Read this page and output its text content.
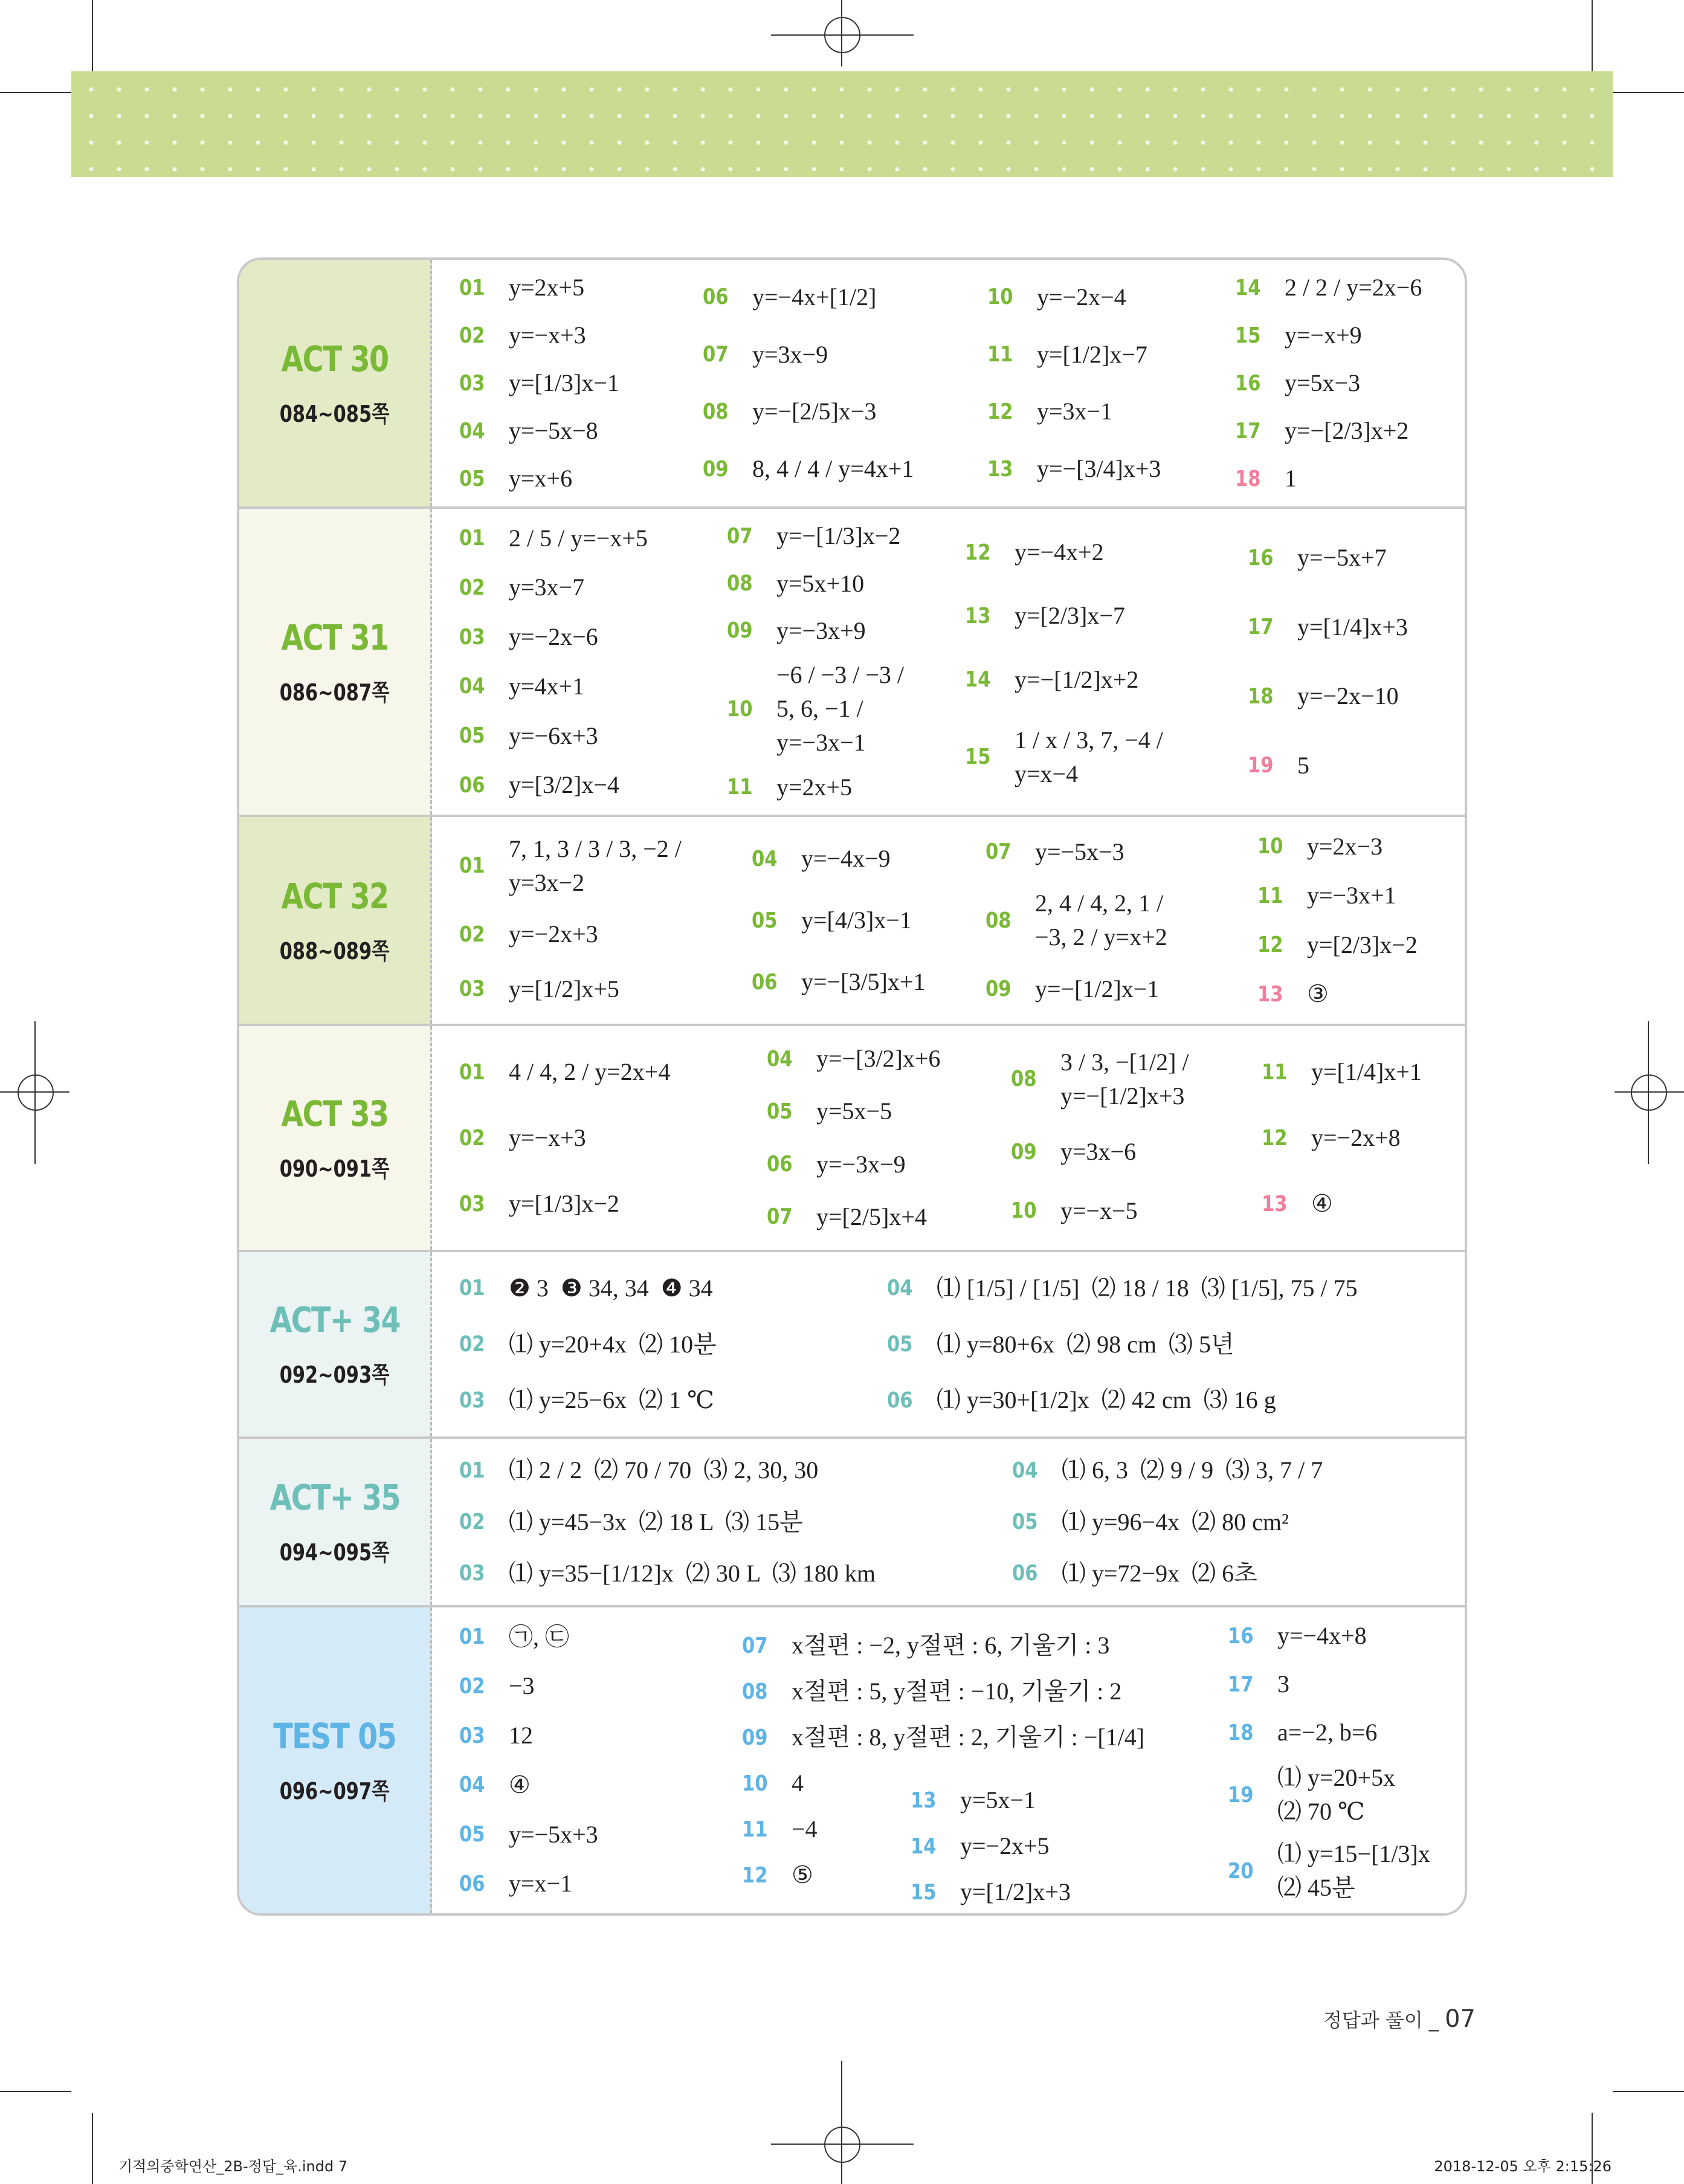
ACT 30
084~085쪽
01 y=2x+5
02 y=−x+3
03 y=[1/3]x−1
04 y=−5x−8
05 y=x+6
06 y=−4x+[1/2]
07 y=3x−9
08 y=−[2/5]x−3
09 8, 4 / 4 / y=4x+1
10 y=−2x−4
11 y=[1/2]x−7
12 y=3x−1
13 y=−[3/4]x+3
14 2 / 2 / y=2x−6
15 y=−x+9
16 y=5x−3
17 y=−[2/3]x+2
18 1
ACT 31
086~087쪽
01 2 / 5 / y=−x+5
02 y=3x−7
03 y=−2x−6
04 y=4x+1
05 y=−6x+3
06 y=[3/2]x−4
07 y=−[1/3]x−2
08 y=5x+10
09 y=−3x+9
10
−6 / −3 / −3 /
5, 6, −1 /
y=−3x−1
11 y=2x+5
12 y=−4x+2
13 y=[2/3]x−7
14 y=−[1/2]x+2
15
1 / x / 3, 7, −4 /
y=x−4
16 y=−5x+7
17 y=[1/4]x+3
18 y=−2x−10
19 5
ACT 32
088~089쪽
01
7, 1, 3 / 3 / 3, −2 /
y=3x−2
02 y=−2x+3
03 y=[1/2]x+5
04 y=−4x−9
05 y=[4/3]x−1
06 y=−[3/5]x+1
07 y=−5x−3
08
2, 4 / 4, 2, 1 /
−3, 2 / y=x+2
09 y=−[1/2]x−1
10 y=2x−3
11 y=−3x+1
12 y=[2/3]x−2
13 ③
ACT 33
090~091쪽
01 4 / 4, 2 / y=2x+4
02 y=−x+3
03 y=[1/3]x−2
04 y=−[3/2]x+6
05 y=5x−5
06 y=−3x−9
07 y=[2/5]x+4
08
3 / 3, −[1/2] /
y=−[1/2]x+3
09 y=3x−6
10 y=−x−5
11 y=[1/4]x+1
12 y=−2x+8
13 ④
ACT+ 34
092~093쪽
01 ❷ 3  ❸ 34, 34  ❹ 34
02 ⑴ y=20+4x  ⑵ 10분
03 ⑴ y=25−6x  ⑵ 1 ℃
04 ⑴ [1/5] / [1/5]  ⑵ 18 / 18  ⑶ [1/5], 75 / 75
05 ⑴ y=80+6x  ⑵ 98 cm  ⑶ 5년
06 ⑴ y=30+[1/2]x  ⑵ 42 cm  ⑶ 16 g
ACT+ 35
094~095쪽
01 ⑴ 2 / 2  ⑵ 70 / 70  ⑶ 2, 30, 30
02 ⑴ y=45−3x  ⑵ 18 L  ⑶ 15분
03 ⑴ y=35−[1/12]x  ⑵ 30 L  ⑶ 180 km
04 ⑴ 6, 3  ⑵ 9 / 9  ⑶ 3, 7 / 7
05 ⑴ y=96−4x  ⑵ 80 cm²
06 ⑴ y=72−9x  ⑵ 6초
TEST 05
096~097쪽
01 ㉠, ㉢
02 −3
03 12
04 ④
05 y=−5x+3
06 y=x−1
07 x절편 : −2, y절편 : 6, 기울기 : 3
08 x절편 : 5, y절편 : −10, 기울기 : 2
09 x절편 : 8, y절편 : 2, 기울기 : −[1/4]
10 4
11 −4
12 ⑤
13 y=5x−1
14 y=−2x+5
15 y=[1/2]x+3
16 y=−4x+8
17 3
18 a=−2, b=6
19
⑴ y=20+5x
⑵ 70 ℃
20
⑴ y=15−[1/3]x
⑵ 45분
정답과 풀이 _ 07
기적의중학연산_2B-정답_육.indd 7	2018-12-05 오후 2:15:26
